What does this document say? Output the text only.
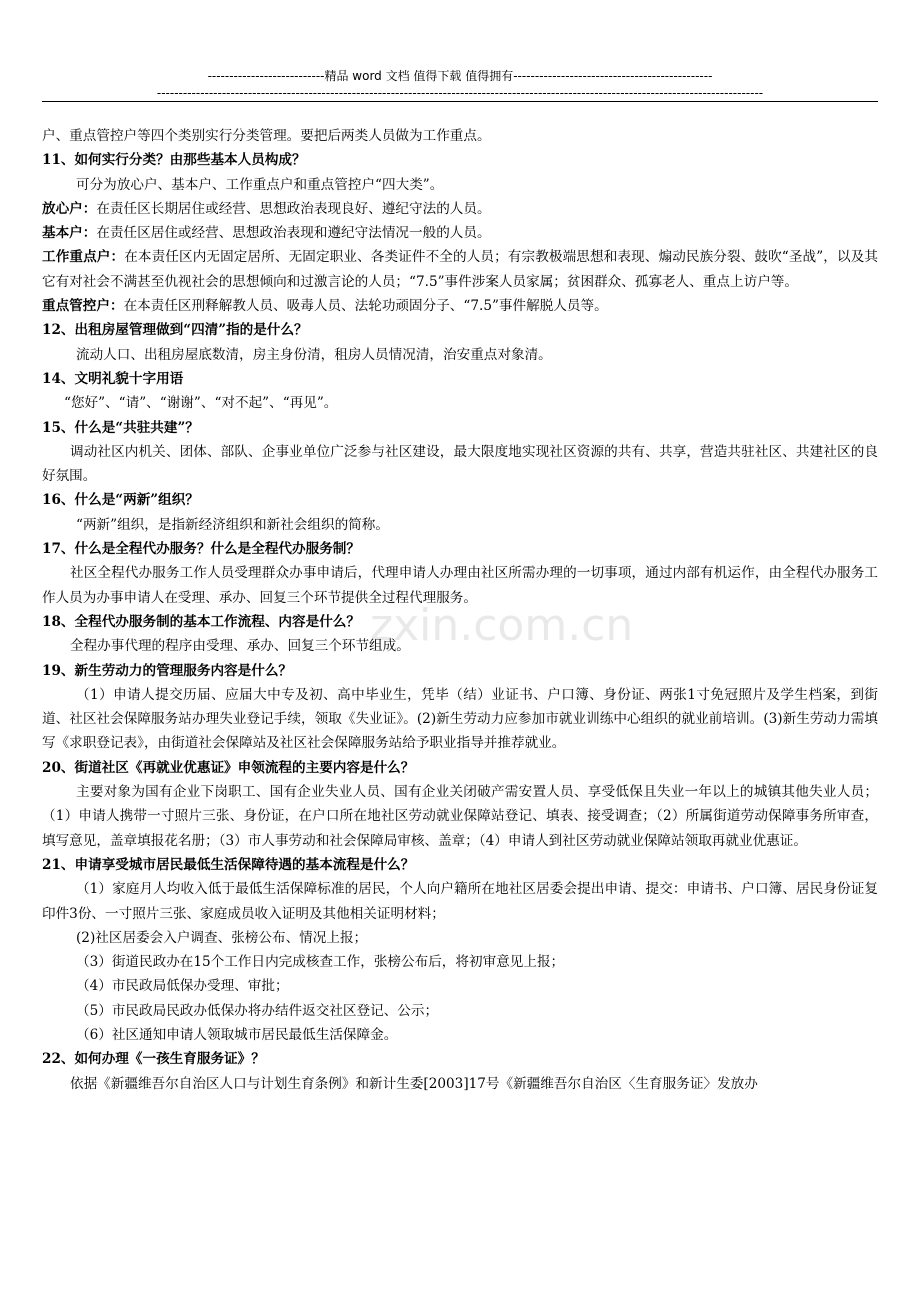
---------------------------精品 word 文档 值得下载 值得拥有----------------------------------------------
--------------------------------------------------------------------------------------------------------------------------------------------
zxin.com.cn

户、重点管控户等四个类别实行分类管理。要把后两类人员做为工作重点。

11、如何实行分类？由那些基本人员构成？

可分为放心户、基本户、工作重点户和重点管控户“四大类”。

放心户：在责任区长期居住或经营、思想政治表现良好、遵纪守法的人员。

基本户：在责任区居住或经营、思想政治表现和遵纪守法情况一般的人员。

工作重点户：在本责任区内无固定居所、无固定职业、各类证件不全的人员；有宗教极端思想和表现、煽动民族分裂、鼓吹“圣战”，以及其它有对社会不满甚至仇视社会的思想倾向和过激言论的人员；“7.5”事件涉案人员家属；贫困群众、孤寡老人、重点上访户等。

重点管控户：在本责任区刑释解教人员、吸毒人员、法轮功顽固分子、“7.5”事件解脱人员等。

12、出租房屋管理做到“四清”指的是什么？

流动人口、出租房屋底数清，房主身份清，租房人员情况清，治安重点对象清。

14、文明礼貌十字用语

“您好”、“请”、“谢谢”、“对不起”、“再见”。

15、什么是“共驻共建”？

调动社区内机关、团体、部队、企事业单位广泛参与社区建设，最大限度地实现社区资源的共有、共享，营造共驻社区、共建社区的良好氛围。

16、什么是“两新”组织？

“两新”组织，是指新经济组织和新社会组织的简称。

17、什么是全程代办服务？什么是全程代办服务制？

社区全程代办服务工作人员受理群众办事申请后，代理申请人办理由社区所需办理的一切事项，通过内部有机运作，由全程代办服务工作人员为办事申请人在受理、承办、回复三个环节提供全过程代理服务。

18、全程代办服务制的基本工作流程、内容是什么？

全程办事代理的程序由受理、承办、回复三个环节组成。

19、新生劳动力的管理服务内容是什么？

（1）申请人提交历届、应届大中专及初、高中毕业生，凭毕（结）业证书、户口簿、身份证、两张1寸免冠照片及学生档案，到街道、社区社会保障服务站办理失业登记手续，领取《失业证》。(2)新生劳动力应参加市就业训练中心组织的就业前培训。(3)新生劳动力需填写《求职登记表》，由街道社会保障站及社区社会保障服务站给予职业指导并推荐就业。

20、街道社区《再就业优惠证》申领流程的主要内容是什么？

主要对象为国有企业下岗职工、国有企业失业人员、国有企业关闭破产需安置人员、享受低保且失业一年以上的城镇其他失业人员；（1）申请人携带一寸照片三张、身份证，在户口所在地社区劳动就业保障站登记、填表、接受调查；（2）所属街道劳动保障事务所审查，填写意见，盖章填报花名册；（3）市人事劳动和社会保障局审核、盖章；（4）申请人到社区劳动就业保障站领取再就业优惠证。

21、申请享受城市居民最低生活保障待遇的基本流程是什么？

（1）家庭月人均收入低于最低生活保障标准的居民，个人向户籍所在地社区居委会提出申请、提交：申请书、户口簿、居民身份证复印件3份、一寸照片三张、家庭成员收入证明及其他相关证明材料；

(2)社区居委会入户调查、张榜公布、情况上报；

（3）街道民政办在15个工作日内完成核查工作，张榜公布后，将初审意见上报；

（4）市民政局低保办受理、审批；

（5）市民政局民政办低保办将办结件返交社区登记、公示；

（6）社区通知申请人领取城市居民最低生活保障金。

22、如何办理《一孩生育服务证》？

依据《新疆维吾尔自治区人口与计划生育条例》和新计生委[2003]17号《新疆维吾尔自治区〈生育服务证〉发放办
